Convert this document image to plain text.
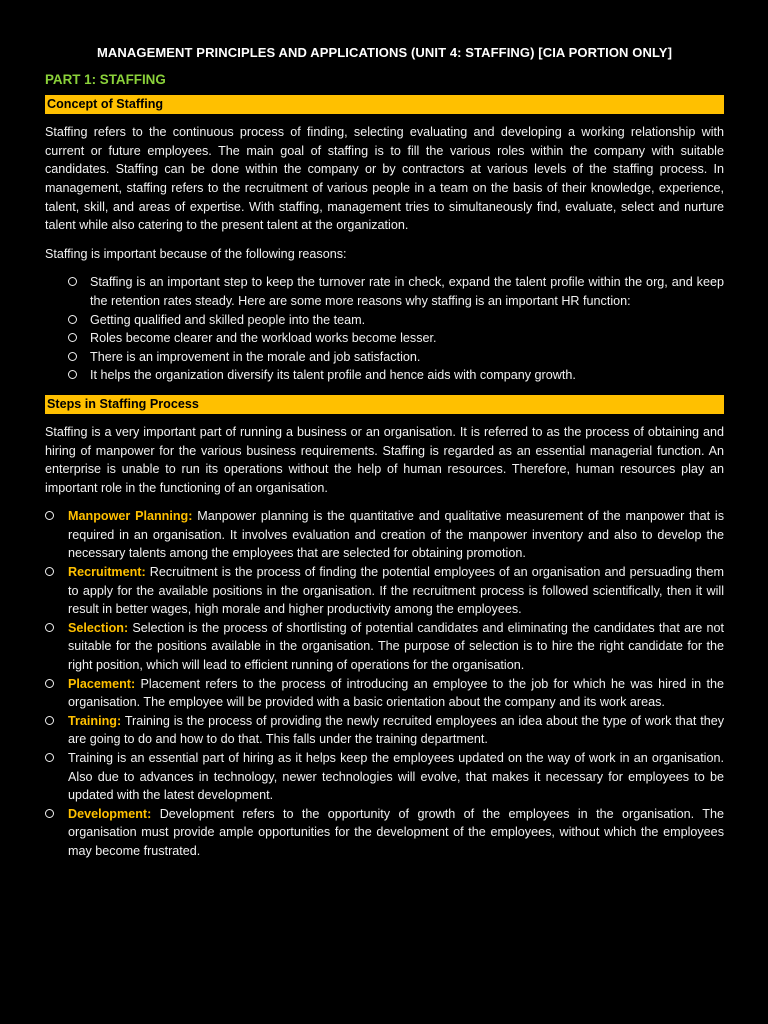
MANAGEMENT PRINCIPLES AND APPLICATIONS (UNIT 4: STAFFING) [CIA PORTION ONLY]
PART 1: STAFFING
Concept of Staffing

Staffing refers to the continuous process of finding, selecting evaluating and developing a working relationship with current or future employees. The main goal of staffing is to fill the various roles within the company with suitable candidates. Staffing can be done within the company or by contractors at various levels of the staffing process. In management, staffing refers to the recruitment of various people in a team on the basis of their knowledge, experience, talent, skill, and areas of expertise. With staffing, management tries to simultaneously find, evaluate, select and nurture talent while also catering to the present talent at the organization.

Staffing is important because of the following reasons:

Staffing is an important step to keep the turnover rate in check, expand the talent profile within the org, and keep the retention rates steady. Here are some more reasons why staffing is an important HR function:
Getting qualified and skilled people into the team.
Roles become clearer and the workload works become lesser.
There is an improvement in the morale and job satisfaction.
It helps the organization diversify its talent profile and hence aids with company growth.
Steps in Staffing Process

Staffing is a very important part of running a business or an organisation. It is referred to as the process of obtaining and hiring of manpower for the various business requirements. Staffing is regarded as an essential managerial function. An enterprise is unable to run its operations without the help of human resources. Therefore, human resources play an important role in the functioning of an organisation.

Manpower Planning: Manpower planning is the quantitative and qualitative measurement of the manpower that is required in an organisation. It involves evaluation and creation of the manpower inventory and also to develop the necessary talents among the employees that are selected for obtaining promotion.
Recruitment: Recruitment is the process of finding the potential employees of an organisation and persuading them to apply for the available positions in the organisation. If the recruitment process is followed scientifically, then it will result in better wages, high morale and higher productivity among the employees.
Selection: Selection is the process of shortlisting of potential candidates and eliminating the candidates that are not suitable for the positions available in the organisation. The purpose of selection is to hire the right candidate for the right position, which will lead to efficient running of operations for the organisation.
Placement: Placement refers to the process of introducing an employee to the job for which he was hired in the organisation. The employee will be provided with a basic orientation about the company and its work areas.
Training: Training is the process of providing the newly recruited employees an idea about the type of work that they are going to do and how to do that. This falls under the training department.
Training is an essential part of hiring as it helps keep the employees updated on the way of work in an organisation. Also due to advances in technology, newer technologies will evolve, that makes it necessary for employees to be updated with the latest development.
Development: Development refers to the opportunity of growth of the employees in the organisation. The organisation must provide ample opportunities for the development of the employees, without which the employees may become frustrated.
